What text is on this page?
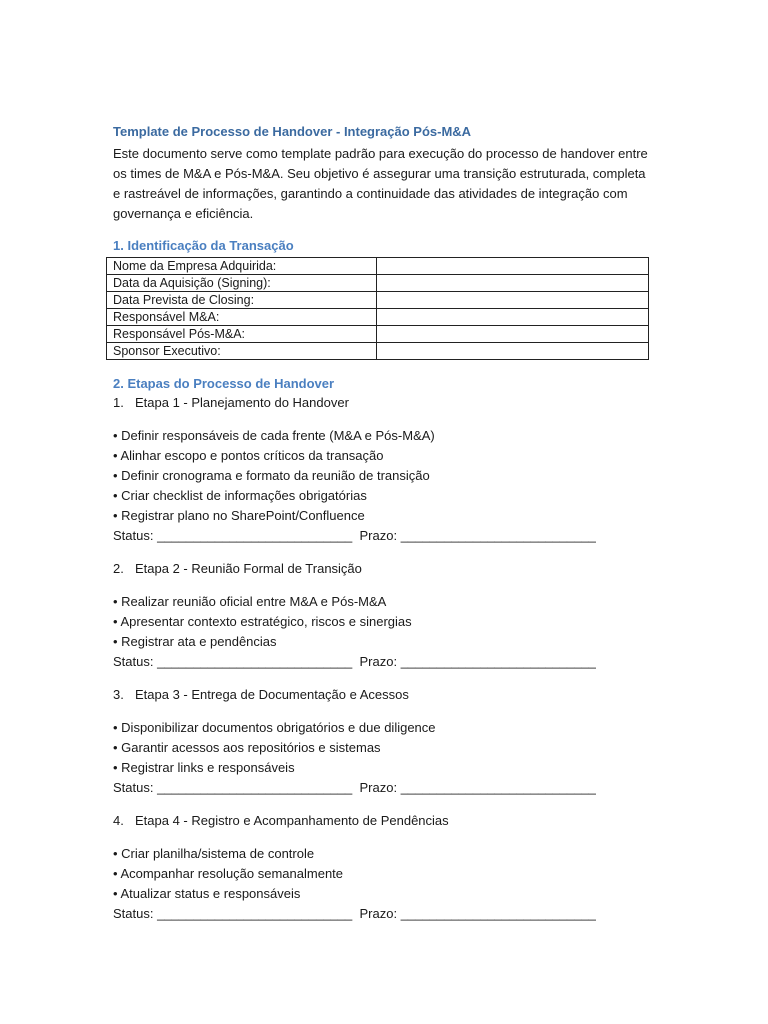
Template de Processo de Handover - Integração Pós-M&A

Este documento serve como template padrão para execução do processo de handover entre os times de M&A e Pós-M&A. Seu objetivo é assegurar uma transição estruturada, completa e rastreável de informações, garantindo a continuidade das atividades de integração com governança e eficiência.

1. Identificação da Transação

Nome da Empresa Adquirida:	
Data da Aquisição (Signing):	
Data Prevista de Closing:	
Responsável M&A:	
Responsável Pós-M&A:	
Sponsor Executivo:	

2. Etapas do Processo de Handover

1. Etapa 1 - Planejamento do Handover

• Definir responsáveis de cada frente (M&A e Pós-M&A)
• Alinhar escopo e pontos críticos da transação
• Definir cronograma e formato da reunião de transição
• Criar checklist de informações obrigatórias
• Registrar plano no SharePoint/Confluence

Status: ___________________________  Prazo: ___________________________

2. Etapa 2 - Reunião Formal de Transição

• Realizar reunião oficial entre M&A e Pós-M&A
• Apresentar contexto estratégico, riscos e sinergias
• Registrar ata e pendências

Status: ___________________________  Prazo: ___________________________

3. Etapa 3 - Entrega de Documentação e Acessos

• Disponibilizar documentos obrigatórios e due diligence
• Garantir acessos aos repositórios e sistemas
• Registrar links e responsáveis

Status: ___________________________  Prazo: ___________________________

4. Etapa 4 - Registro e Acompanhamento de Pendências

• Criar planilha/sistema de controle
• Acompanhar resolução semanalmente
• Atualizar status e responsáveis

Status: ___________________________  Prazo: ___________________________
